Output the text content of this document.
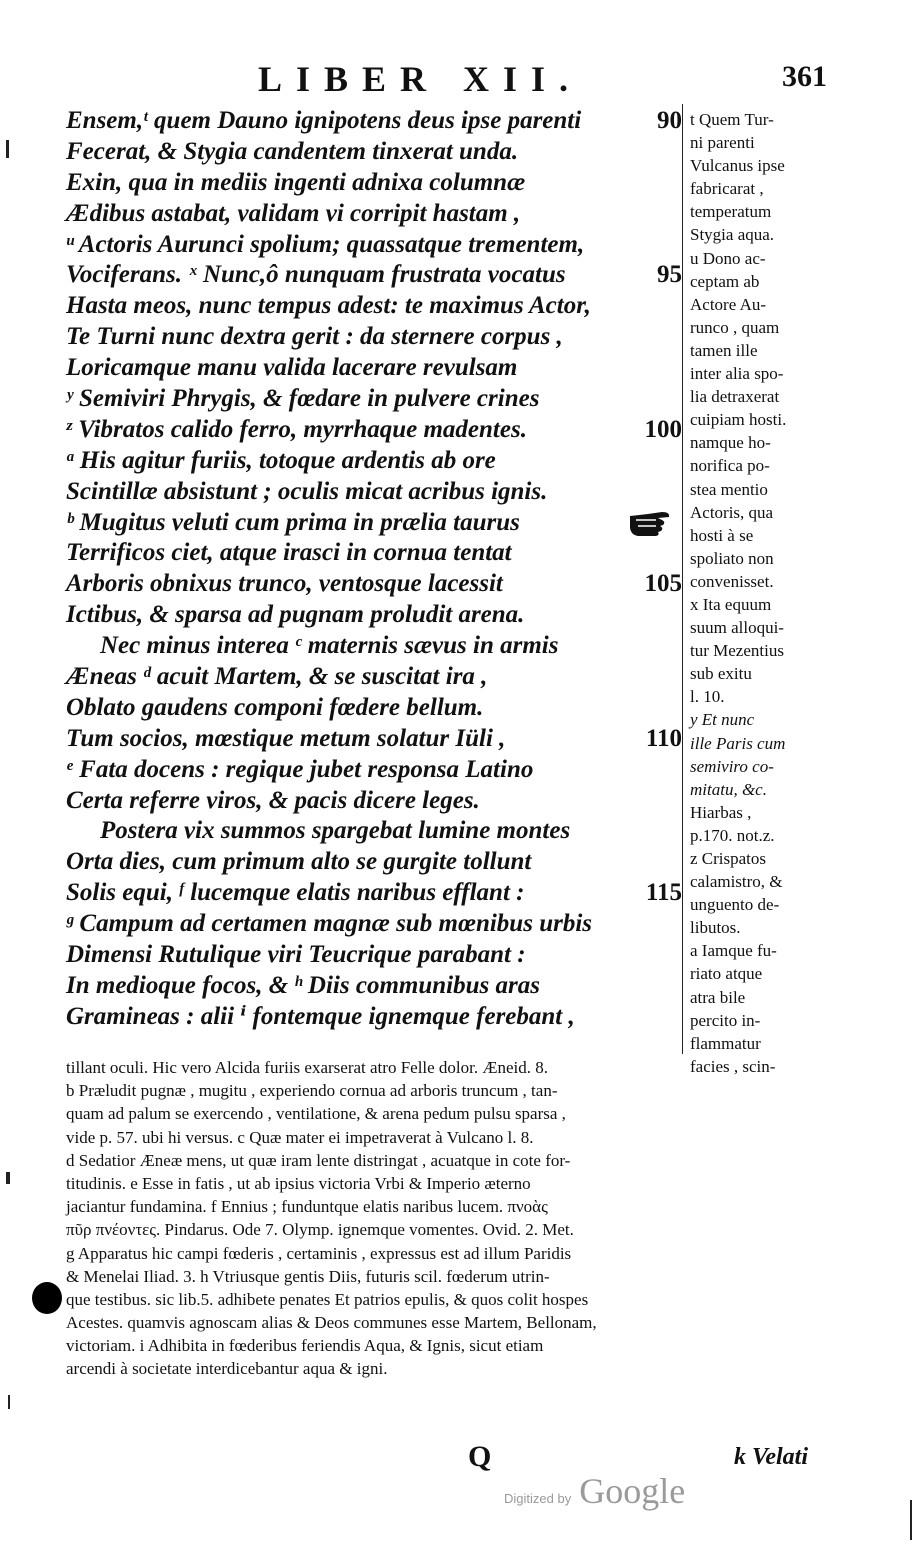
LIBER XII.	361
Ensem,ᵗ quem Dauno ignipotens deus ipse parenti	90
Fecerat, & Stygia candentem tinxerat unda.
Exin, qua in mediis ingenti adnixa columnæ
Ædibus astabat, validam vi corripit hastam ,
ᵘ Actoris Aurunci spolium; quassatque trementem,
Vociferans. ˣ Nunc,ô nunquam frustrata vocatus	95
Hasta meos, nunc tempus adest: te maximus Actor,
Te Turni nunc dextra gerit : da sternere corpus ,
Loricamque manu valida lacerare revulsam
ʸ Semiviri Phrygis, & fœdare in pulvere crines
ᶻ Vibratos calido ferro, myrrhaque madentes.	100
ᵃ His agitur furiis, totoque ardentis ab ore
Scintillæ absistunt ; oculis micat acribus ignis.
ᵇ Mugitus veluti cum prima in prælia taurus
Terrificos ciet, atque irasci in cornua tentat
Arboris obnixus trunco, ventosque lacessit	105
Ictibus, & sparsa ad pugnam proludit arena.
Nec minus interea ᶜ maternis sævus in armis
Æneas ᵈ acuit Martem, & se suscitat ira ,
Oblato gaudens componi fœdere bellum.
Tum socios, mœstique metum solatur Iüli ,	110
ᵉ Fata docens : regique jubet responsa Latino
Certa referre viros, & pacis dicere leges.
Postera vix summos spargebat lumine montes
Orta dies, cum primum alto se gurgite tollunt
Solis equi, ᶠ lucemque elatis naribus efflant :	115
ᵍ Campum ad certamen magnæ sub mœnibus urbis
Dimensi Rutulique viri Teucrique parabant :
In medioque focos, & ʰ Diis communibus aras
Gramineas : alii ⁱ fontemque ignemque ferebant ,
t Quem Tur-
ni parenti
Vulcanus ipse
fabricarat ,
temperatum
Stygia aqua.
u Dono ac-
ceptam ab
Actore Au-
runco , quam
tamen ille
inter alia spo-
lia detraxerat
cuipiam hosti.
namque ho-
norifica po-
stea mentio
Actoris, qua
hosti à se
spoliato non
convenisset.
x Ita equum
suum alloqui-
tur Mezentius
sub exitu
l. 10.
y Et nunc
ille Paris cum
semiviro co-
mitatu, &c.
Hiarbas ,
p.170. not.z.
z Crispatos
calamistro, &
unguento de-
libutos.
a Iamque fu-
riato atque
atra bile
percito in-
flammatur
facies , scin-
tillant oculi. Hic vero Alcida furiis exarserat atro Felle dolor. Æneid. 8.
b Præludit pugnæ , mugitu , experiendo cornua ad arboris truncum , tan-
quam ad palum se exercendo , ventilatione, & arena pedum pulsu sparsa ,
vide p. 57. ubi hi versus. c Quæ mater ei impetraverat à Vulcano l. 8.
d Sedatior Æneæ mens, ut quæ iram lente distringat , acuatque in cote for-
titudinis. e Esse in fatis , ut ab ipsius victoria Vrbi & Imperio æterno
jaciantur fundamina. f Ennius ; funduntque elatis naribus lucem. πνοὰς
πῦρ πνέοντες. Pindarus. Ode 7. Olymp. ignemque vomentes. Ovid. 2. Met.
g Apparatus hic campi fœderis , certaminis , expressus est ad illum Paridis
& Menelai Iliad. 3. h Vtriusque gentis Diis, futuris scil. fœderum utrin-
que testibus. sic lib.5. adhibete penates Et patrios epulis, & quos colit hospes
Acestes. quamvis agnoscam alias & Deos communes esse Martem, Bellonam,
victoriam. i Adhibita in fœderibus feriendis Aqua, & Ignis, sicut etiam
arcendi à societate interdicebantur aqua & igni.
Q	k Velati
Digitized by Google
